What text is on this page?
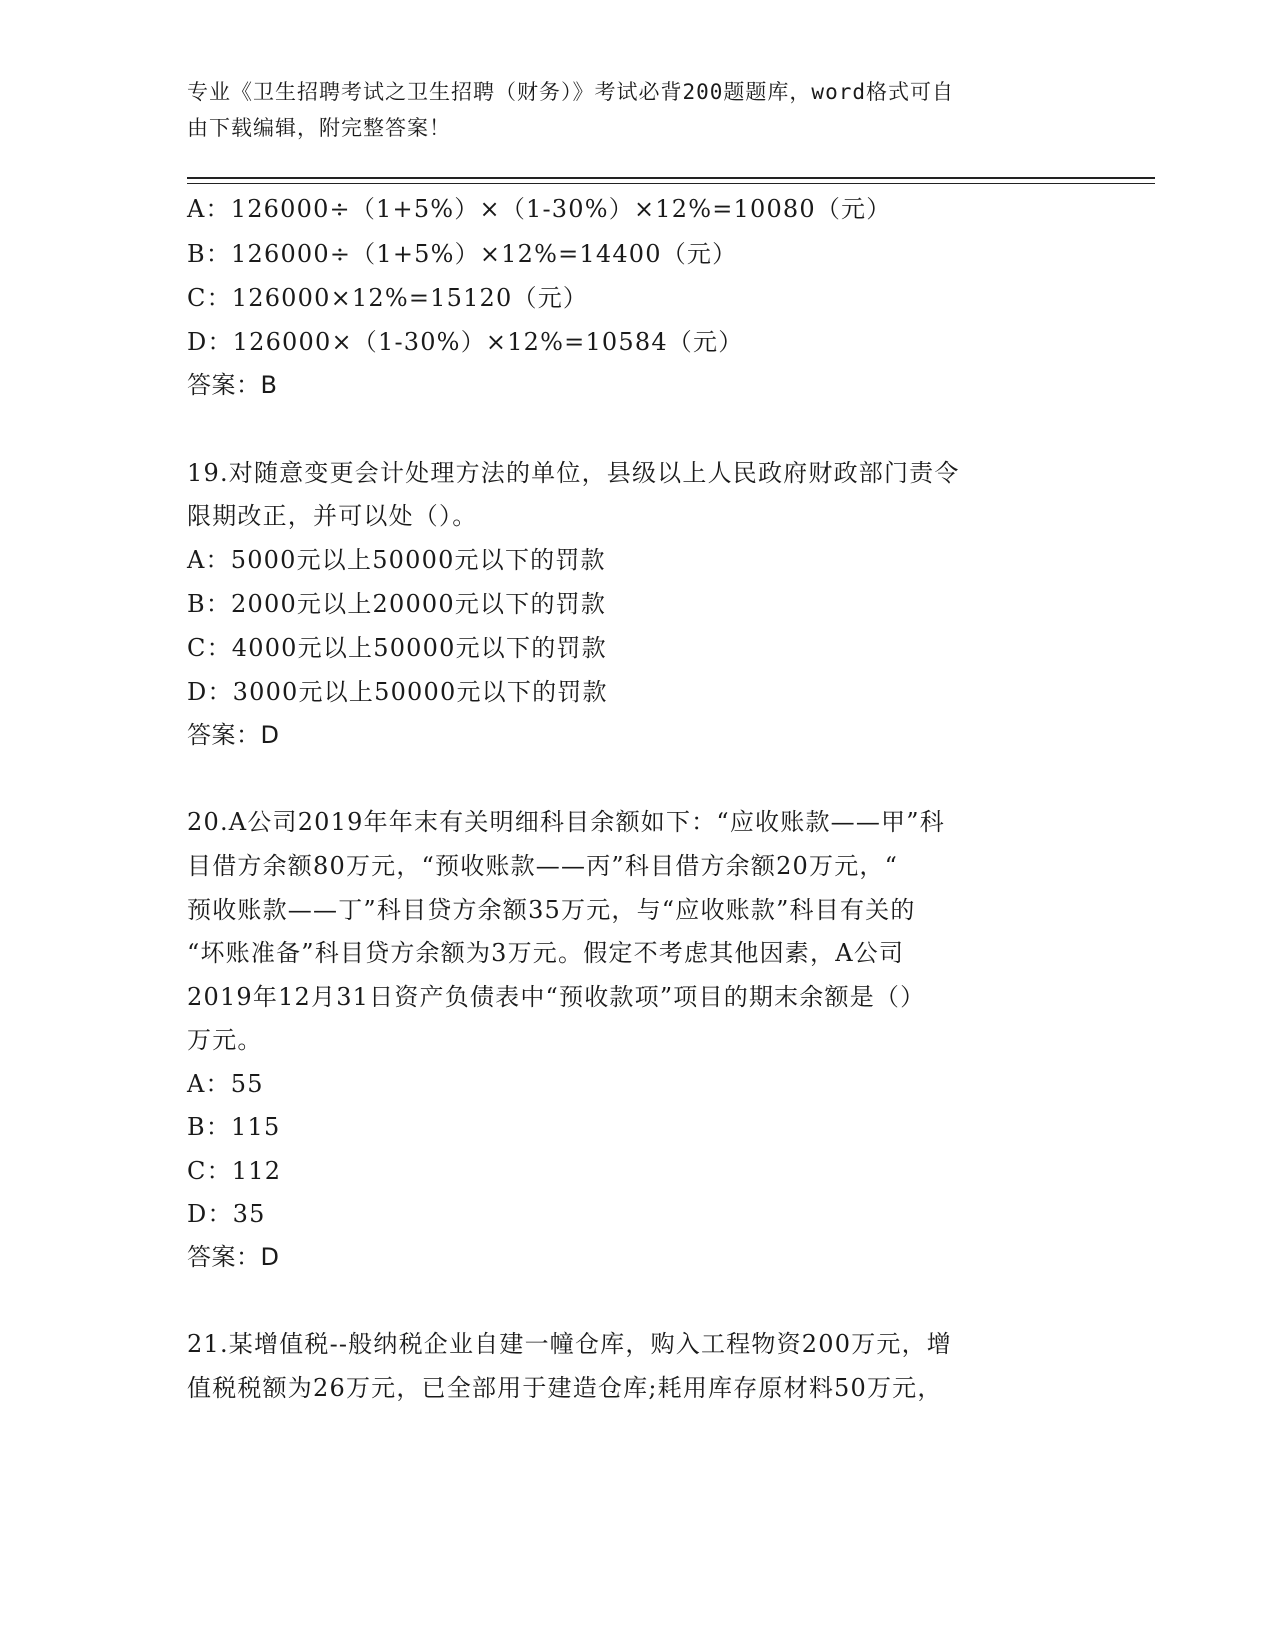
专业《卫生招聘考试之卫生招聘（财务）》考试必背200题题库，word格式可自
由下载编辑，附完整答案！
A：126000÷（1+5%）×（1-30%）×12%=10080（元）
B：126000÷（1+5%）×12%=14400（元）
C：126000×12%=15120（元）
D：126000×（1-30%）×12%=10584（元）
答案：B
19.对随意变更会计处理方法的单位，县级以上人民政府财政部门责令
限期改正，并可以处（）。
A：5000元以上50000元以下的罚款
B：2000元以上20000元以下的罚款
C：4000元以上50000元以下的罚款
D：3000元以上50000元以下的罚款
答案：D
20.A公司2019年年末有关明细科目余额如下：“应收账款——甲”科
目借方余额80万元，“预收账款——丙”科目借方余额20万元，“
预收账款——丁”科目贷方余额35万元，与“应收账款”科目有关的
“坏账准备”科目贷方余额为3万元。假定不考虑其他因素，A公司
2019年12月31日资产负债表中“预收款项”项目的期末余额是（）
万元。
A：55
B：115
C：112
D：35
答案：D
21.某增值税--般纳税企业自建一幢仓库，购入工程物资200万元，增
值税税额为26万元，已全部用于建造仓库;耗用库存原材料50万元，
